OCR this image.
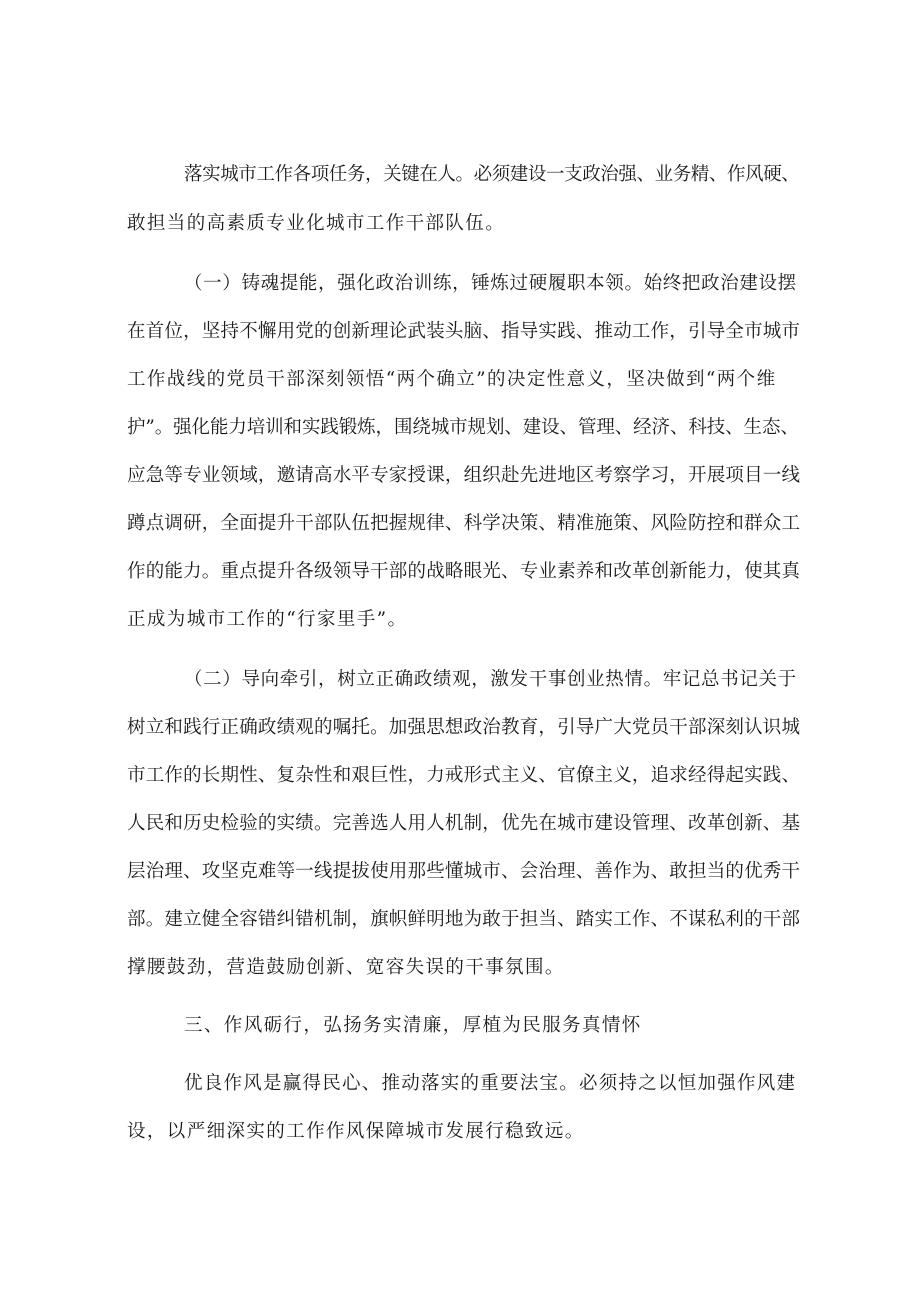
落实城市工作各项任务，关键在人。必须建设一支政治强、业务精、作风硬、
敢担当的高素质专业化城市工作干部队伍。
（一）铸魂提能，强化政治训练，锤炼过硬履职本领。始终把政治建设摆
在首位，坚持不懈用党的创新理论武装头脑、指导实践、推动工作，引导全市城市
工作战线的党员干部深刻领悟“两个确立”的决定性意义，坚决做到“两个维
护”。强化能力培训和实践锻炼，围绕城市规划、建设、管理、经济、科技、生态、
应急等专业领域，邀请高水平专家授课，组织赴先进地区考察学习，开展项目一线
蹲点调研，全面提升干部队伍把握规律、科学决策、精准施策、风险防控和群众工
作的能力。重点提升各级领导干部的战略眼光、专业素养和改革创新能力，使其真
正成为城市工作的“行家里手”。
（二）导向牵引，树立正确政绩观，激发干事创业热情。牢记总书记关于
树立和践行正确政绩观的嘱托。加强思想政治教育，引导广大党员干部深刻认识城
市工作的长期性、复杂性和艰巨性，力戒形式主义、官僚主义，追求经得起实践、
人民和历史检验的实绩。完善选人用人机制，优先在城市建设管理、改革创新、基
层治理、攻坚克难等一线提拔使用那些懂城市、会治理、善作为、敢担当的优秀干
部。建立健全容错纠错机制，旗帜鲜明地为敢于担当、踏实工作、不谋私利的干部
撑腰鼓劲，营造鼓励创新、宽容失误的干事氛围。
三、作风砺行，弘扬务实清廉，厚植为民服务真情怀
优良作风是赢得民心、推动落实的重要法宝。必须持之以恒加强作风建
设，以严细深实的工作作风保障城市发展行稳致远。
